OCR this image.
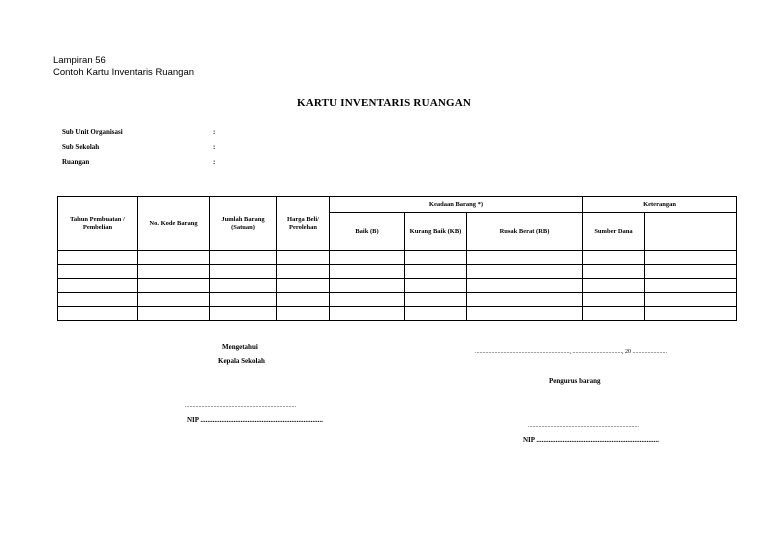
Lampiran 56
Contoh Kartu Inventaris Ruangan
KARTU INVENTARIS RUANGAN
Sub Unit Organisasi	:
Sub Sekolah	:
Ruangan	:
Tahun Pembuatan / Pembelian	No. Kode Barang	Jumlah Barang (Satuan)	Harga Beli/ Perolehan	Keadaan Barang *)			Keterangan	
				Baik (B)	Kurang Baik (KB)	Rusak Berat (RB)	Sumber Dana	

Mengetahui
Kepala Sekolah
..........................................................................
NIP ......................................................................
..............................................................., ................................., 20 .......................
Pengurus barang
..........................................................................
NIP ......................................................................
